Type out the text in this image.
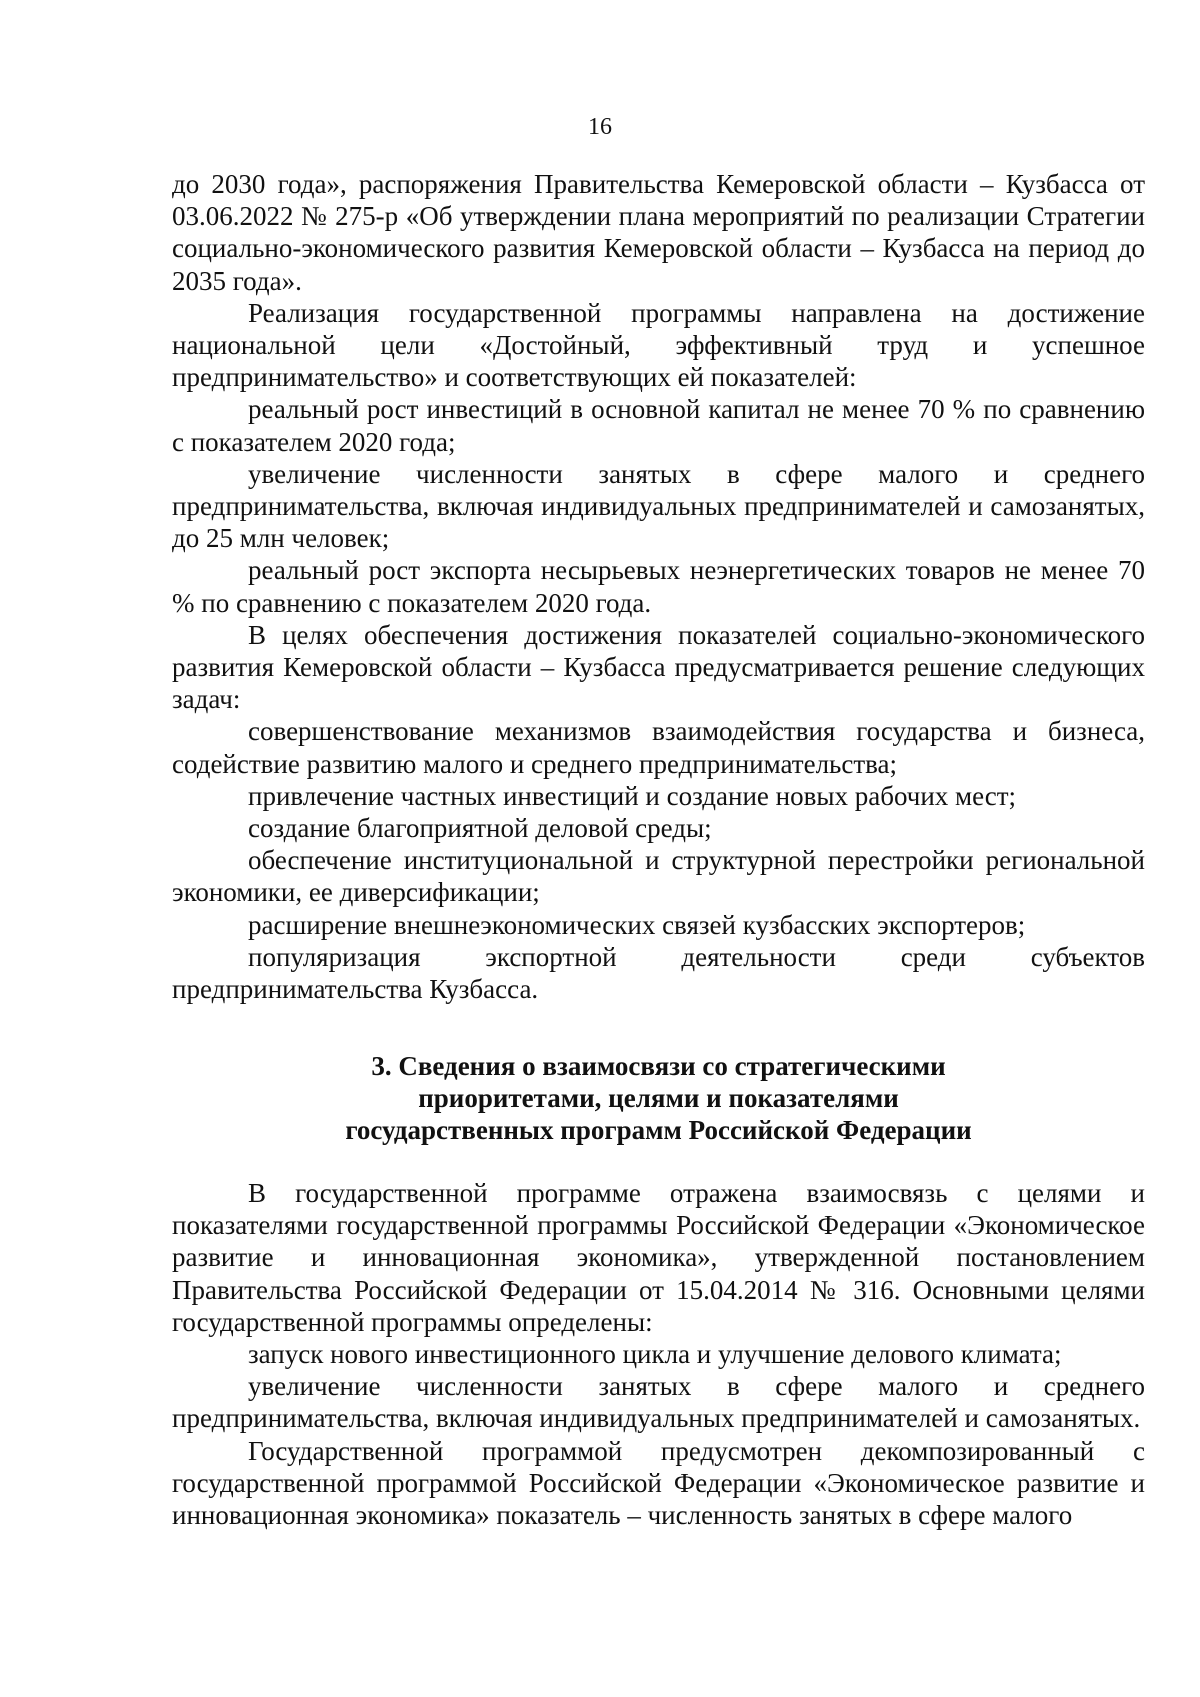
16

до 2030 года», распоряжения Правительства Кемеровской области – Кузбасса от 03.06.2022 № 275-р «Об утверждении плана мероприятий по реализации Стратегии социально-экономического развития Кемеровской области – Кузбасса на период до 2035 года».

Реализация государственной программы направлена на достижение национальной цели «Достойный, эффективный труд и успешное предпринимательство» и соответствующих ей показателей:

реальный рост инвестиций в основной капитал не менее 70 % по сравнению с показателем 2020 года;

увеличение численности занятых в сфере малого и среднего предпринимательства, включая индивидуальных предпринимателей и самозанятых, до 25 млн человек;

реальный рост экспорта несырьевых неэнергетических товаров не менее 70 % по сравнению с показателем 2020 года.

В целях обеспечения достижения показателей социально-экономического развития Кемеровской области – Кузбасса предусматривается решение следующих задач:

совершенствование механизмов взаимодействия государства и бизнеса, содействие развитию малого и среднего предпринимательства;

привлечение частных инвестиций и создание новых рабочих мест;

создание благоприятной деловой среды;

обеспечение институциональной и структурной перестройки региональной экономики, ее диверсификации;

расширение внешнеэкономических связей кузбасских экспортеров;

популяризация экспортной деятельности среди субъектов предпринимательства Кузбасса.

3. Сведения о взаимосвязи со стратегическими
приоритетами, целями и показателями
государственных программ Российской Федерации

В государственной программе отражена взаимосвязь с целями и показателями государственной программы Российской Федерации «Экономическое развитие и инновационная экономика», утвержденной постановлением Правительства Российской Федерации от 15.04.2014 № 316. Основными целями государственной программы определены:

запуск нового инвестиционного цикла и улучшение делового климата;

увеличение численности занятых в сфере малого и среднего предпринимательства, включая индивидуальных предпринимателей и самозанятых.

Государственной программой предусмотрен декомпозированный с государственной программой Российской Федерации «Экономическое развитие и инновационная экономика» показатель – численность занятых в сфере малого
